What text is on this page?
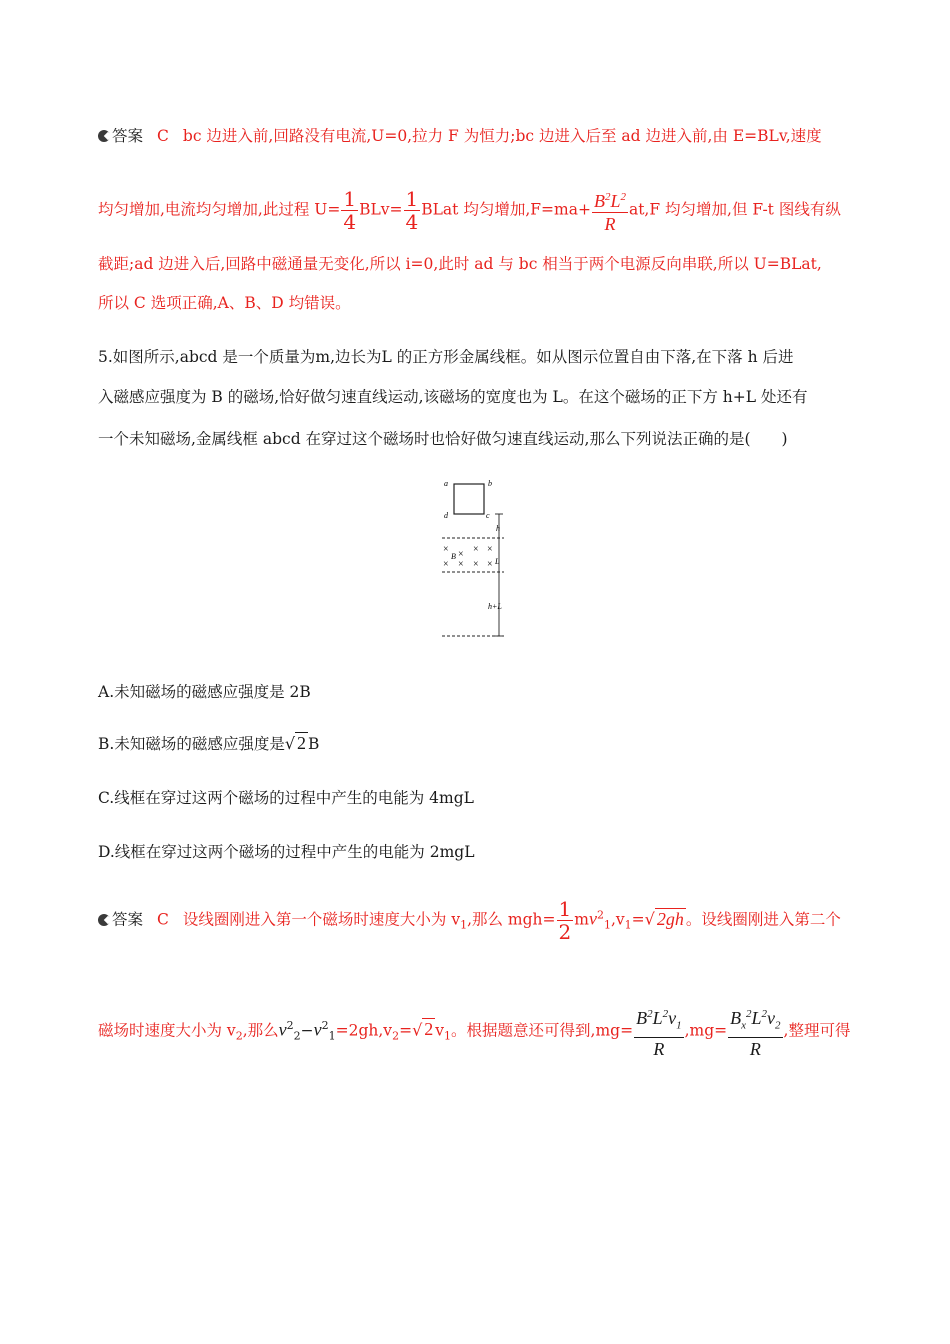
答案 C bc 边进入前,回路没有电流,U=0,拉力 F 为恒力;bc 边进入后至 ad 边进入前,由 E=BLv,速度
均匀增加,电流均匀增加,此过程 $U= \frac{1}{4} BLv= \frac{1}{4}$ BLat 均匀增加$,F=ma+ \frac{B^2L^2}{R} at,F$ 均匀增加,但 F-t 图线有纵
截距;ad 边进入后,回路中磁通量无变化,所以 i=0,此时 ad 与 bc 相当于两个电源反向串联,所以 U=BLat,
所以 C 选项正确,A、B、D 均错误。
5.如图所示,abcd 是一个质量为m,边长为L 的正方形金属线框。如从图示位置自由下落,在下落 h 后进
入磁感应强度为 B 的磁场,恰好做匀速直线运动,该磁场的宽度也为 L。在这个磁场的正下方 h+L 处还有
一个未知磁场,金属线框 abcd 在穿过这个磁场时也恰好做匀速直线运动,那么下列说法正确的是(　　)
a	b
d	c
h
× × × ×
× × × ×
B
L
h+L
A.未知磁场的磁感应强度是 2B
B.未知磁场的磁感应强度是√ 2 B
C.线框在穿过这两个磁场的过程中产生的电能为 4mgL
D.线框在穿过这两个磁场的过程中产生的电能为 2mgL
答案 C 设线圈刚进入第一个磁场时速度大小为 $v_1$,那么 $mgh= \frac{1}{2} mv^2_1,v_1=√$ 2gh 。设线圈刚进入第二个
磁场时速度大小为 $v_2$,那么$v^2_2-v^2_1=2gh,v_2=√$ 2 $v_1$。根据题意还可得到$,mg= \frac{B^2L^2v_1}{R} ,mg= \frac{B_x^2L^2v_2}{R}$ ,整理可得
